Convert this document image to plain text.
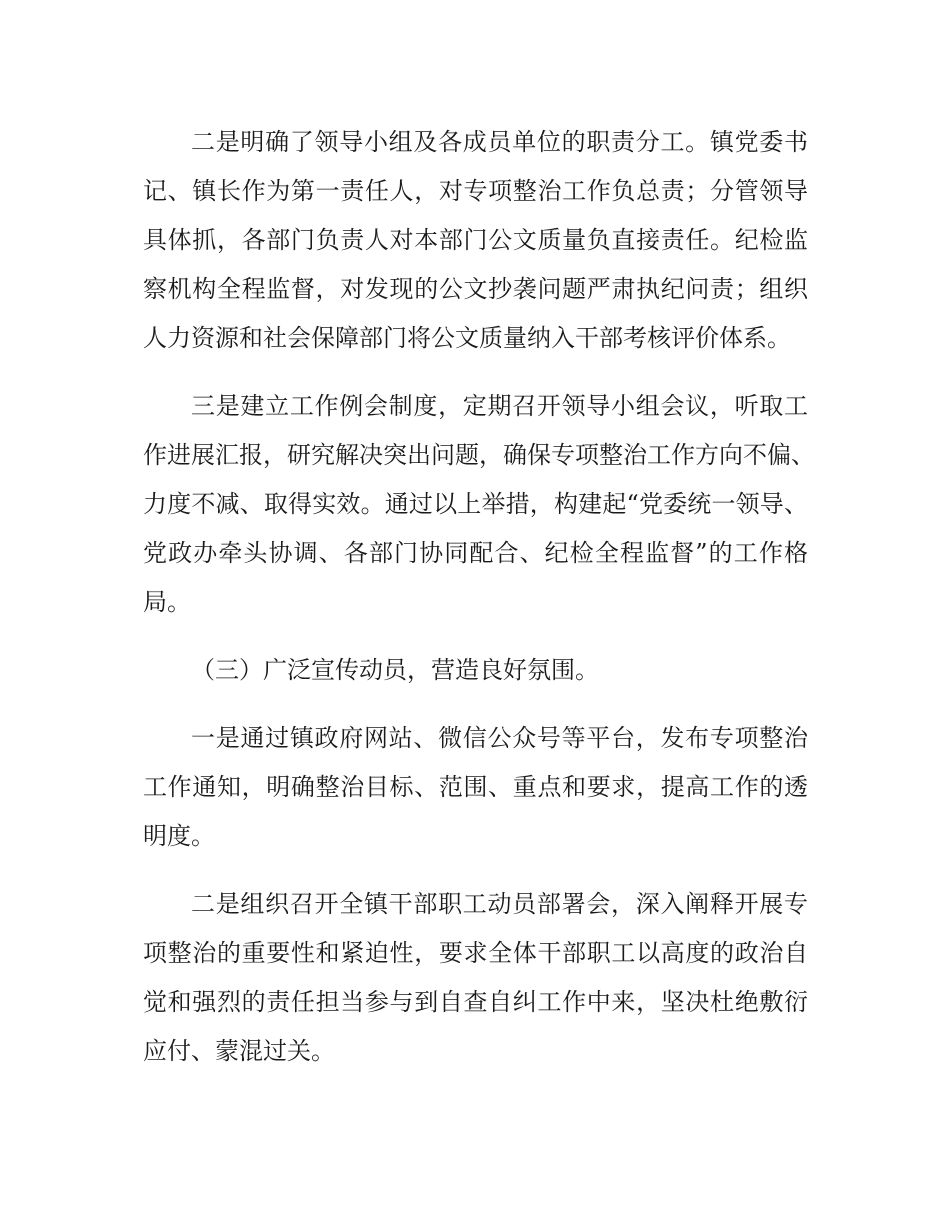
二是明确了领导小组及各成员单位的职责分工。镇党委书
记、镇长作为第一责任人，对专项整治工作负总责；分管领导
具体抓，各部门负责人对本部门公文质量负直接责任。纪检监
察机构全程监督，对发现的公文抄袭问题严肃执纪问责；组织
人力资源和社会保障部门将公文质量纳入干部考核评价体系。
三是建立工作例会制度，定期召开领导小组会议，听取工
作进展汇报，研究解决突出问题，确保专项整治工作方向不偏、
力度不减、取得实效。通过以上举措，构建起“党委统一领导、
党政办牵头协调、各部门协同配合、纪检全程监督”的工作格
局。
（三）广泛宣传动员，营造良好氛围。
一是通过镇政府网站、微信公众号等平台，发布专项整治
工作通知，明确整治目标、范围、重点和要求，提高工作的透
明度。
二是组织召开全镇干部职工动员部署会，深入阐释开展专
项整治的重要性和紧迫性，要求全体干部职工以高度的政治自
觉和强烈的责任担当参与到自查自纠工作中来，坚决杜绝敷衍
应付、蒙混过关。
